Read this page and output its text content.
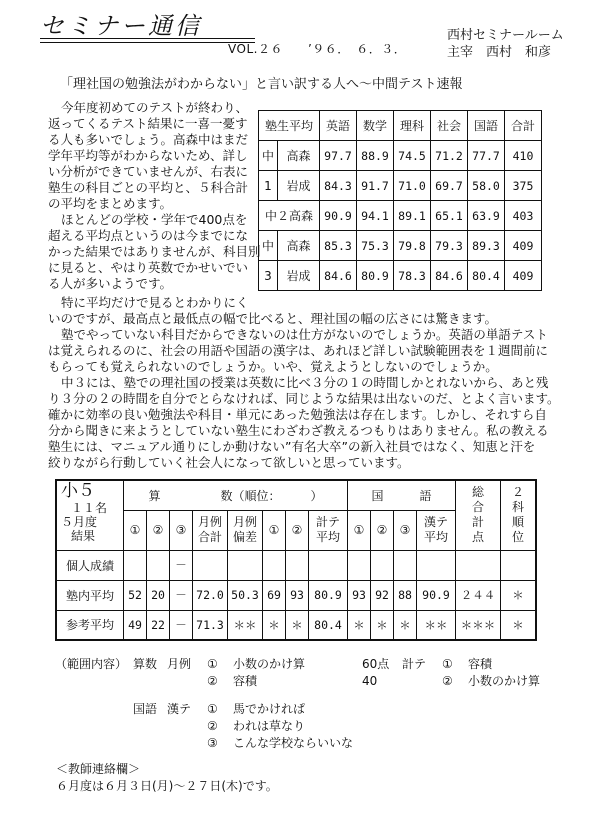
セミナー通信
VOL.２６　　’９６．　６．３．
西村セミナールーム
主宰　西村　和彦
「理社国の勉強法がわからない」と言い訳する人へ～中間テスト速報
今年度初めてのテストが終わり、
返ってくるテスト結果に一喜一憂す
る人も多いでしょう。高森中はまだ
学年平均等がわからないため、詳し
い分析ができていませんが、右表に
塾生の科目ごとの平均と、５科合計
の平均をまとめます。
ほとんどの学校・学年で400点を
超える平均点というのは今までにな
かった結果ではありませんが、科目別
に見ると、やはり英数でかせいでい
る人が多いようです。
塾生平均		英語	数学	理科	社会	国語	合計
中	高森	97.7	88.9	74.5	71.2	77.7	410
1	岩成	84.3	91.7	71.0	69.7	58.0	375
中２高森		90.9	94.1	89.1	65.1	63.9	403
中	高森	85.3	75.3	79.8	79.3	89.3	409
3	岩成	84.6	80.9	78.3	84.6	80.4	409
特に平均だけで見るとわかりにく
いのですが、最高点と最低点の幅で比べると、理社国の幅の広さには驚きます。
塾でやっていない科目だからできないのは仕方がないのでしょうか。英語の単語テスト
は覚えられるのに、社会の用語や国語の漢字は、あれほど詳しい試験範囲表を１週間前に
もらっても覚えられないのでしょうか。いや、覚えようとしないのでしょうか。
中３には、塾での理社国の授業は英数に比べ３分の１の時間しかとれないから、あと残
り３分の２の時間を自分でとらなければ、同じような結果は出ないのだ、とよく言います。
確かに効率の良い勉強法や科目・単元にあった勉強法は存在します。しかし、それすら自
分から聞きに来ようとしていない塾生にわざわざ教えるつもりはありません。私の教える
塾生には、マニュアル通りにしか動けない”有名大卒”の新入社員ではなく、知恵と汗を
絞りながら行動していく社会人になって欲しいと思っています。
小５
１１名
５月度
結果	算　　　　　数（順位：　　　）								国　　　語				総合計点	２科順位
	①	②	③	月例合計	月例偏差	①	②	計テ平均	①	②	③	漢テ平均		
個人成績			－											
塾内平均	52	20	－	72.0	50.3	69	93	80.9	93	92	88	90.9	２４４	＊
参考平均	49	22	－	71.3	＊＊	＊	＊	80.4	＊	＊	＊	＊＊	＊＊＊	＊
（範囲内容） 算数 月例 ① 小数のかけ算
② 容積
60点 計テ ① 容積
40	② 小数のかけ算
国語 漢テ ① 馬でかけれぱ
② われは草なり
③ こんな学校ならいいな
＜教師連絡欄＞
６月度は６月３日(月)～２７日(木)です。
